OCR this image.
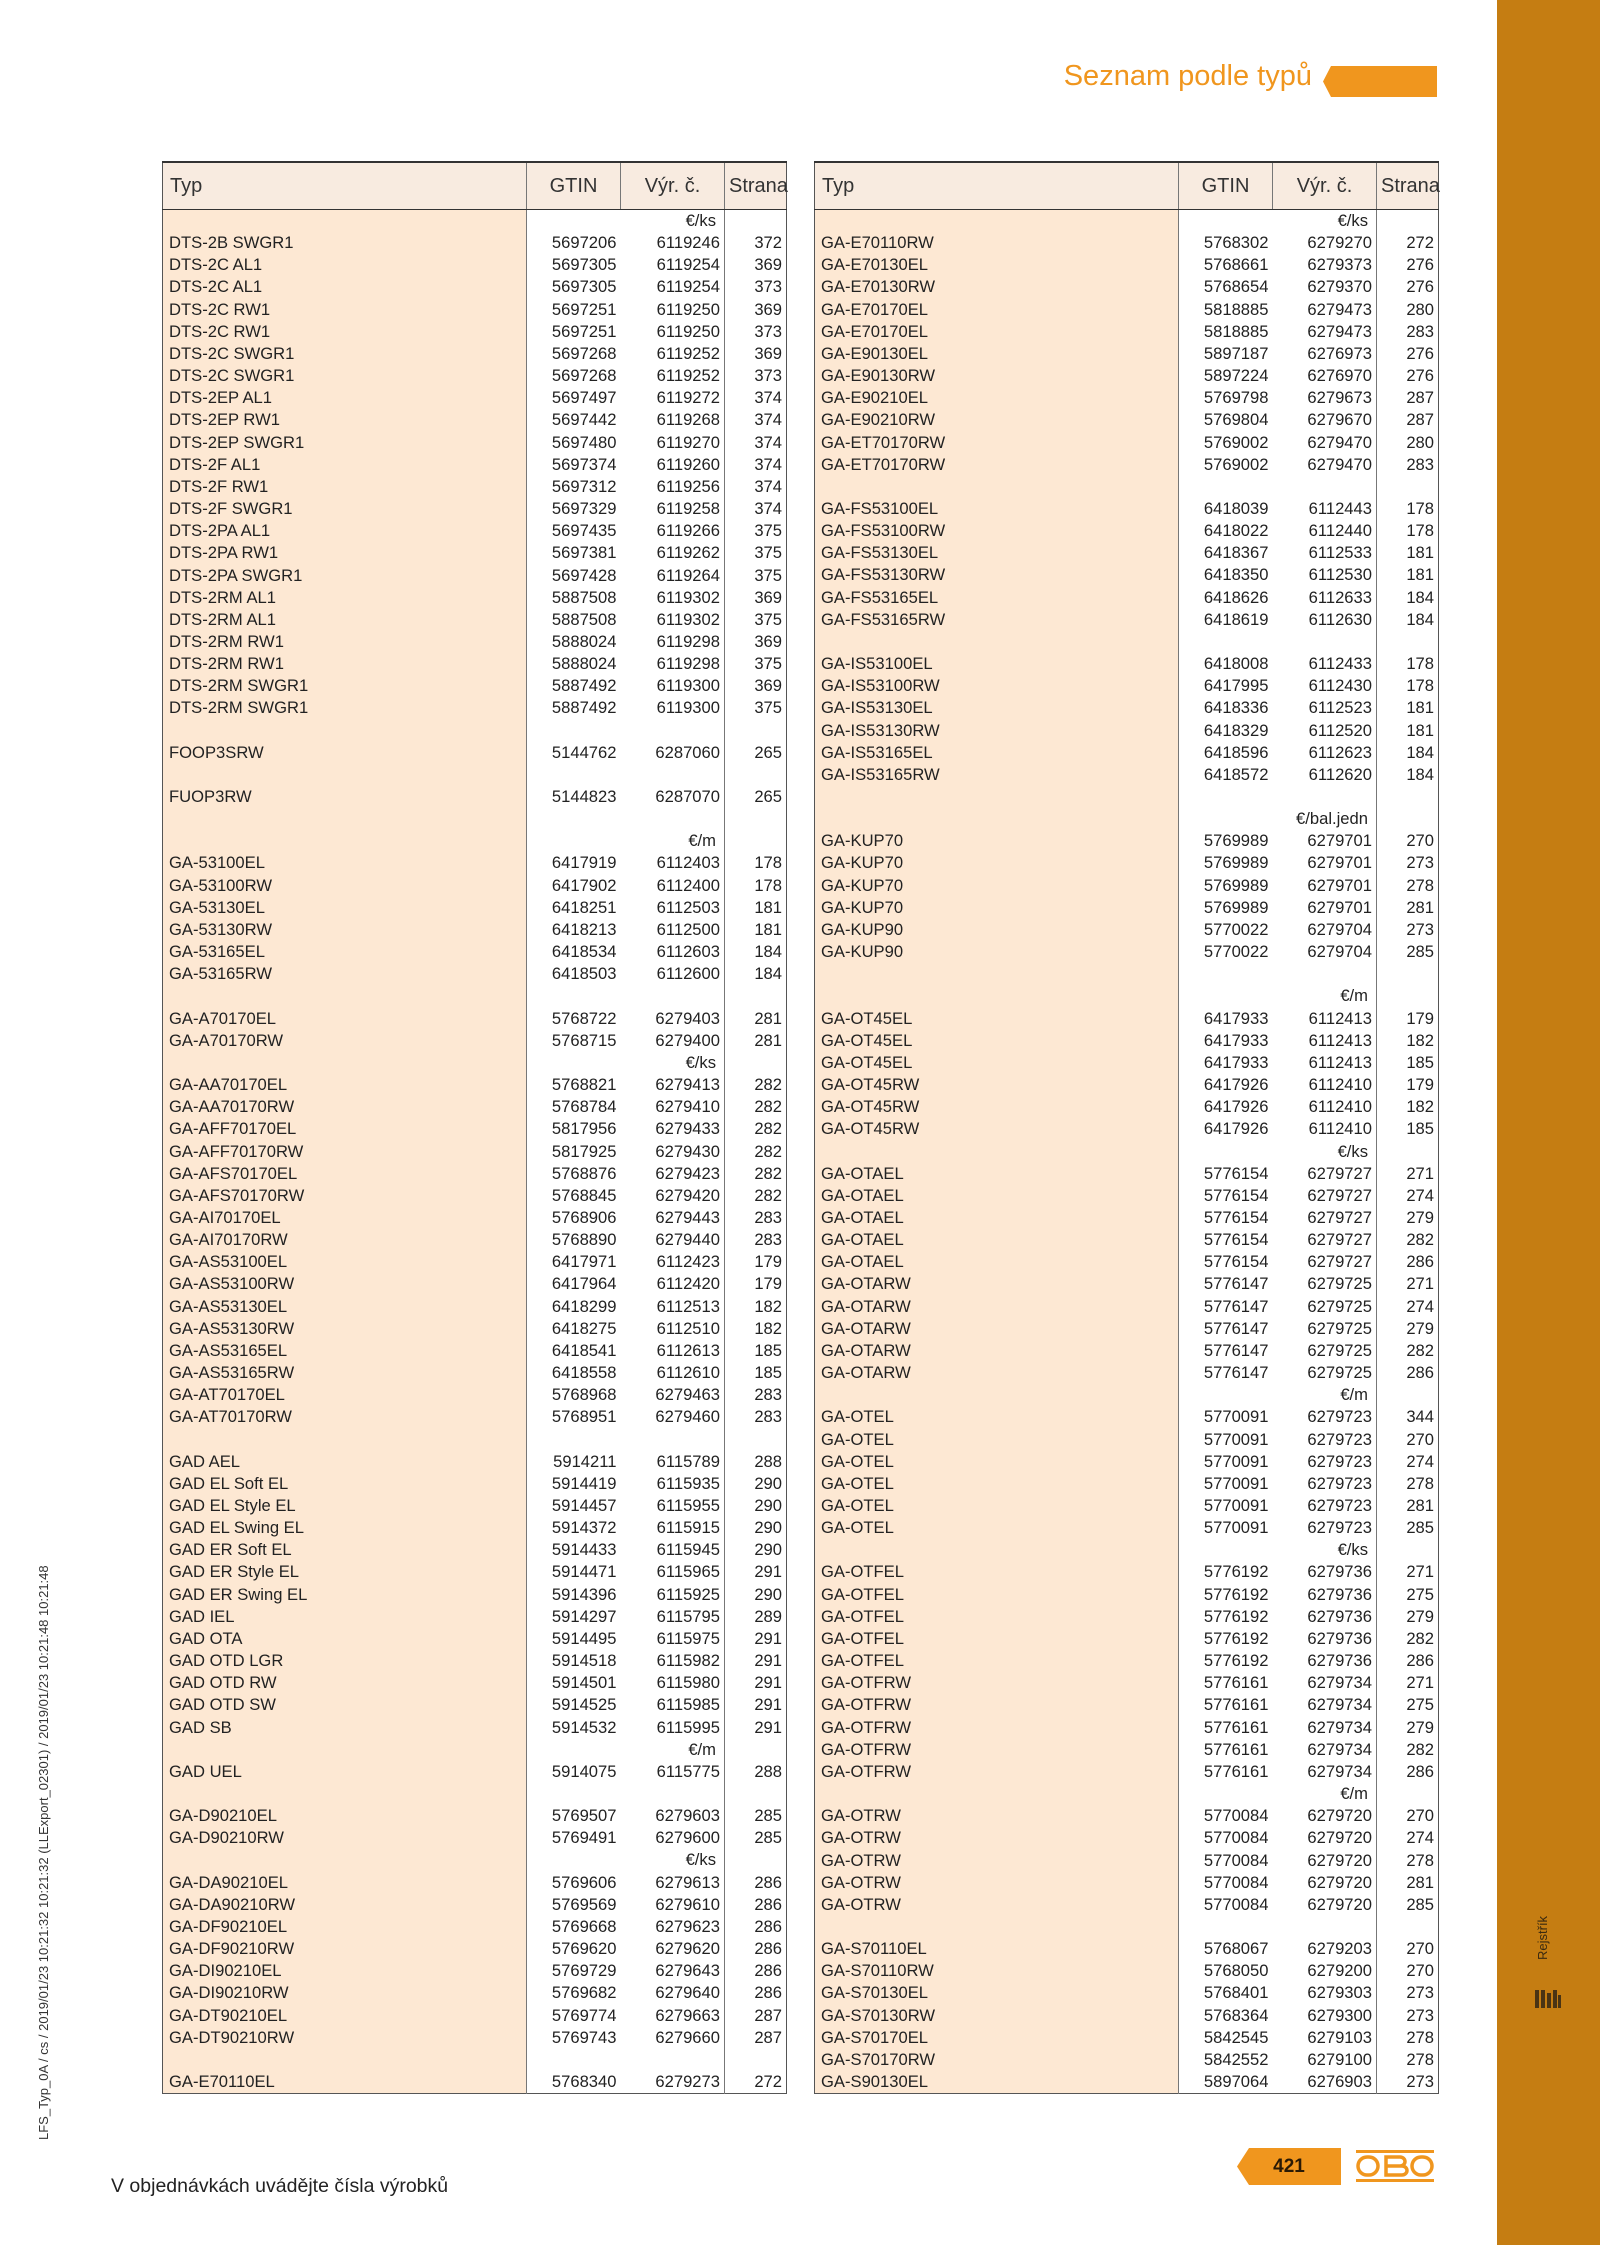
Rejstřík
Seznam podle typů
LFS_Typ_0A / cs / 2019/01/23 10:21:32 10:21:32 (LLExport_02301) / 2019/01/23 10:21:48 10:21:48
Typ	GTIN	Výr. č.	Strana
		€/ks	
DTS-2B SWGR1	5697206	6119246	372
DTS-2C AL1	5697305	6119254	369
DTS-2C AL1	5697305	6119254	373
DTS-2C RW1	5697251	6119250	369
DTS-2C RW1	5697251	6119250	373
DTS-2C SWGR1	5697268	6119252	369
DTS-2C SWGR1	5697268	6119252	373
DTS-2EP AL1	5697497	6119272	374
DTS-2EP RW1	5697442	6119268	374
DTS-2EP SWGR1	5697480	6119270	374
DTS-2F AL1	5697374	6119260	374
DTS-2F RW1	5697312	6119256	374
DTS-2F SWGR1	5697329	6119258	374
DTS-2PA AL1	5697435	6119266	375
DTS-2PA RW1	5697381	6119262	375
DTS-2PA SWGR1	5697428	6119264	375
DTS-2RM AL1	5887508	6119302	369
DTS-2RM AL1	5887508	6119302	375
DTS-2RM RW1	5888024	6119298	369
DTS-2RM RW1	5888024	6119298	375
DTS-2RM SWGR1	5887492	6119300	369
DTS-2RM SWGR1	5887492	6119300	375

FOOP3SRW	5144762	6287060	265

FUOP3RW	5144823	6287070	265

		€/m	
GA-53100EL	6417919	6112403	178
GA-53100RW	6417902	6112400	178
GA-53130EL	6418251	6112503	181
GA-53130RW	6418213	6112500	181
GA-53165EL	6418534	6112603	184
GA-53165RW	6418503	6112600	184

GA-A70170EL	5768722	6279403	281
GA-A70170RW	5768715	6279400	281
		€/ks	
GA-AA70170EL	5768821	6279413	282
GA-AA70170RW	5768784	6279410	282
GA-AFF70170EL	5817956	6279433	282
GA-AFF70170RW	5817925	6279430	282
GA-AFS70170EL	5768876	6279423	282
GA-AFS70170RW	5768845	6279420	282
GA-AI70170EL	5768906	6279443	283
GA-AI70170RW	5768890	6279440	283
GA-AS53100EL	6417971	6112423	179
GA-AS53100RW	6417964	6112420	179
GA-AS53130EL	6418299	6112513	182
GA-AS53130RW	6418275	6112510	182
GA-AS53165EL	6418541	6112613	185
GA-AS53165RW	6418558	6112610	185
GA-AT70170EL	5768968	6279463	283
GA-AT70170RW	5768951	6279460	283

GAD AEL	5914211	6115789	288
GAD EL Soft EL	5914419	6115935	290
GAD EL Style EL	5914457	6115955	290
GAD EL Swing EL	5914372	6115915	290
GAD ER Soft EL	5914433	6115945	290
GAD ER Style EL	5914471	6115965	291
GAD ER Swing EL	5914396	6115925	290
GAD IEL	5914297	6115795	289
GAD OTA	5914495	6115975	291
GAD OTD LGR	5914518	6115982	291
GAD OTD RW	5914501	6115980	291
GAD OTD SW	5914525	6115985	291
GAD SB	5914532	6115995	291
		€/m	
GAD UEL	5914075	6115775	288

GA-D90210EL	5769507	6279603	285
GA-D90210RW	5769491	6279600	285
		€/ks	
GA-DA90210EL	5769606	6279613	286
GA-DA90210RW	5769569	6279610	286
GA-DF90210EL	5769668	6279623	286
GA-DF90210RW	5769620	6279620	286
GA-DI90210EL	5769729	6279643	286
GA-DI90210RW	5769682	6279640	286
GA-DT90210EL	5769774	6279663	287
GA-DT90210RW	5769743	6279660	287

GA-E70110EL	5768340	6279273	272
Typ	GTIN	Výr. č.	Strana
		€/ks	
GA-E70110RW	5768302	6279270	272
GA-E70130EL	5768661	6279373	276
GA-E70130RW	5768654	6279370	276
GA-E70170EL	5818885	6279473	280
GA-E70170EL	5818885	6279473	283
GA-E90130EL	5897187	6276973	276
GA-E90130RW	5897224	6276970	276
GA-E90210EL	5769798	6279673	287
GA-E90210RW	5769804	6279670	287
GA-ET70170RW	5769002	6279470	280
GA-ET70170RW	5769002	6279470	283

GA-FS53100EL	6418039	6112443	178
GA-FS53100RW	6418022	6112440	178
GA-FS53130EL	6418367	6112533	181
GA-FS53130RW	6418350	6112530	181
GA-FS53165EL	6418626	6112633	184
GA-FS53165RW	6418619	6112630	184

GA-IS53100EL	6418008	6112433	178
GA-IS53100RW	6417995	6112430	178
GA-IS53130EL	6418336	6112523	181
GA-IS53130RW	6418329	6112520	181
GA-IS53165EL	6418596	6112623	184
GA-IS53165RW	6418572	6112620	184

		€/bal.jedn	
GA-KUP70	5769989	6279701	270
GA-KUP70	5769989	6279701	273
GA-KUP70	5769989	6279701	278
GA-KUP70	5769989	6279701	281
GA-KUP90	5770022	6279704	273
GA-KUP90	5770022	6279704	285

		€/m	
GA-OT45EL	6417933	6112413	179
GA-OT45EL	6417933	6112413	182
GA-OT45EL	6417933	6112413	185
GA-OT45RW	6417926	6112410	179
GA-OT45RW	6417926	6112410	182
GA-OT45RW	6417926	6112410	185
		€/ks	
GA-OTAEL	5776154	6279727	271
GA-OTAEL	5776154	6279727	274
GA-OTAEL	5776154	6279727	279
GA-OTAEL	5776154	6279727	282
GA-OTAEL	5776154	6279727	286
GA-OTARW	5776147	6279725	271
GA-OTARW	5776147	6279725	274
GA-OTARW	5776147	6279725	279
GA-OTARW	5776147	6279725	282
GA-OTARW	5776147	6279725	286
		€/m	
GA-OTEL	5770091	6279723	344
GA-OTEL	5770091	6279723	270
GA-OTEL	5770091	6279723	274
GA-OTEL	5770091	6279723	278
GA-OTEL	5770091	6279723	281
GA-OTEL	5770091	6279723	285
		€/ks	
GA-OTFEL	5776192	6279736	271
GA-OTFEL	5776192	6279736	275
GA-OTFEL	5776192	6279736	279
GA-OTFEL	5776192	6279736	282
GA-OTFEL	5776192	6279736	286
GA-OTFRW	5776161	6279734	271
GA-OTFRW	5776161	6279734	275
GA-OTFRW	5776161	6279734	279
GA-OTFRW	5776161	6279734	282
GA-OTFRW	5776161	6279734	286
		€/m	
GA-OTRW	5770084	6279720	270
GA-OTRW	5770084	6279720	274
GA-OTRW	5770084	6279720	278
GA-OTRW	5770084	6279720	281
GA-OTRW	5770084	6279720	285

GA-S70110EL	5768067	6279203	270
GA-S70110RW	5768050	6279200	270
GA-S70130EL	5768401	6279303	273
GA-S70130RW	5768364	6279300	273
GA-S70170EL	5842545	6279103	278
GA-S70170RW	5842552	6279100	278
GA-S90130EL	5897064	6276903	273
V objednávkách uvádějte čísla výrobků
421
